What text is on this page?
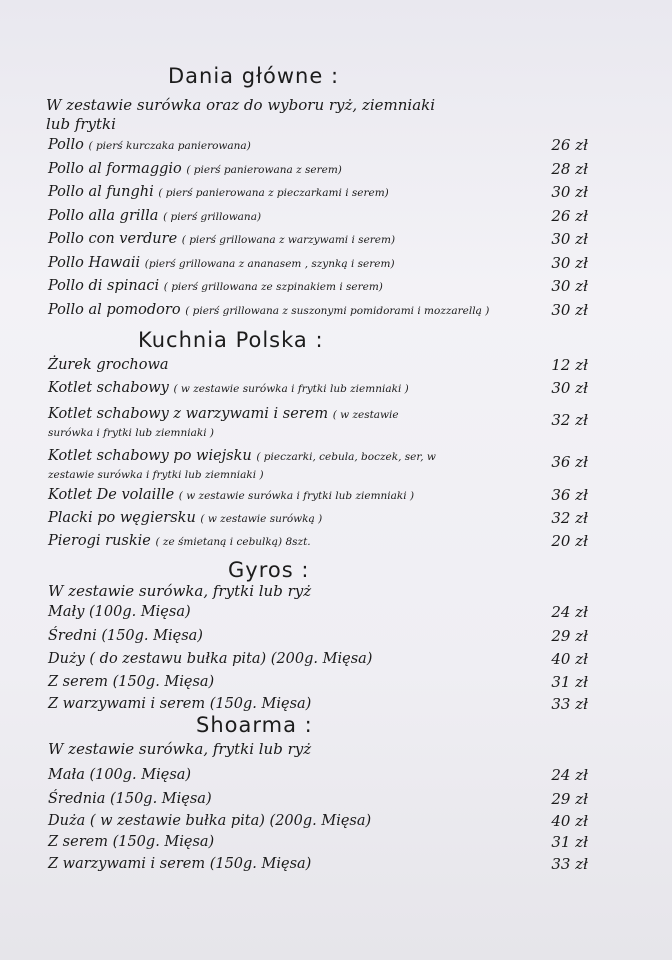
Dania główne :
W zestawie surówka oraz do wyboru ryż, ziemniaki lub frytki
Pollo ( pierś kurczaka panierowana)	26 zł
Pollo al formaggio ( pierś panierowana z serem)	28 zł
Pollo al funghi ( pierś panierowana z pieczarkami i serem)	30 zł
Pollo alla grilla ( pierś grillowana)	26 zł
Pollo con verdure ( pierś grillowana z warzywami i serem)	30 zł
Pollo Hawaii (pierś grillowana z ananasem , szynką i serem)	30 zł
Pollo di spinaci ( pierś grillowana ze szpinakiem i serem)	30 zł
Pollo al pomodoro ( pierś grillowana z suszonymi pomidorami i mozzarellą )	30 zł
Kuchnia Polska :
Żurek grochowa	12 zł
Kotlet schabowy ( w zestawie surówka i frytki lub ziemniaki )	30 zł
Kotlet schabowy z warzywami i serem ( w zestawie surówka i frytki lub ziemniaki )
32 zł
Kotlet schabowy po wiejsku ( pieczarki, cebula, boczek, ser, w zestawie surówka i frytki lub ziemniaki )
36 zł
Kotlet De volaille ( w zestawie surówka i frytki lub ziemniaki )	36 zł
Placki po węgiersku ( w zestawie surówką )	32 zł
Pierogi ruskie ( ze śmietaną i cebulką) 8szt.	20 zł
Gyros :
W zestawie surówka, frytki lub ryż
Mały (100g. Mięsa)	24 zł
Średni (150g. Mięsa)	29 zł
Duży ( do zestawu bułka pita) (200g. Mięsa)	40 zł
Z serem (150g. Mięsa)	31 zł
Z warzywami i serem (150g. Mięsa)	33 zł
Shoarma :
W zestawie surówka, frytki lub ryż
Mała (100g. Mięsa)	24 zł
Średnia (150g. Mięsa)	29 zł
Duża ( w zestawie bułka pita) (200g. Mięsa)	40 zł
Z serem (150g. Mięsa)	31 zł
Z warzywami i serem (150g. Mięsa)	33 zł
